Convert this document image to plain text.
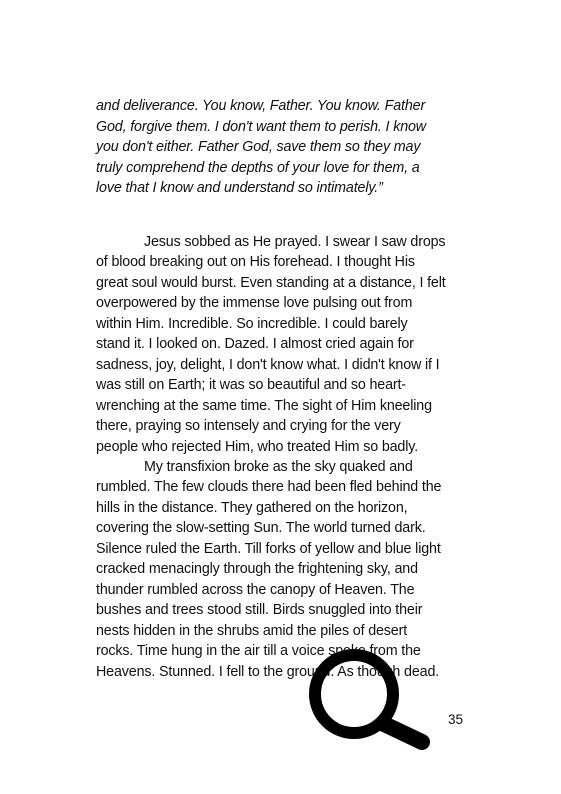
and deliverance. You know, Father. You know. Father
God, forgive them. I don't want them to perish. I know
you don't either. Father God, save them so they may
truly comprehend the depths of your love for them, a
love that I know and understand so intimately.”
Jesus sobbed as He prayed. I swear I saw drops
of blood breaking out on His forehead. I thought His
great soul would burst. Even standing at a distance, I felt
overpowered by the immense love pulsing out from
within Him. Incredible. So incredible. I could barely
stand it. I looked on. Dazed. I almost cried again for
sadness, joy, delight, I don't know what. I didn't know if I
was still on Earth; it was so beautiful and so heart-
wrenching at the same time. The sight of Him kneeling
there, praying so intensely and crying for the very
people who rejected Him, who treated Him so badly.
My transfixion broke as the sky quaked and
rumbled. The few clouds there had been fled behind the
hills in the distance. They gathered on the horizon,
covering the slow-setting Sun. The world turned dark.
Silence ruled the Earth. Till forks of yellow and blue light
cracked menacingly through the frightening sky, and
thunder rumbled across the canopy of Heaven. The
bushes and trees stood still. Birds snuggled into their
nests hidden in the shrubs amid the piles of desert
rocks. Time hung in the air till a voice spoke from the
Heavens. Stunned. I fell to the ground. As though dead.
35
